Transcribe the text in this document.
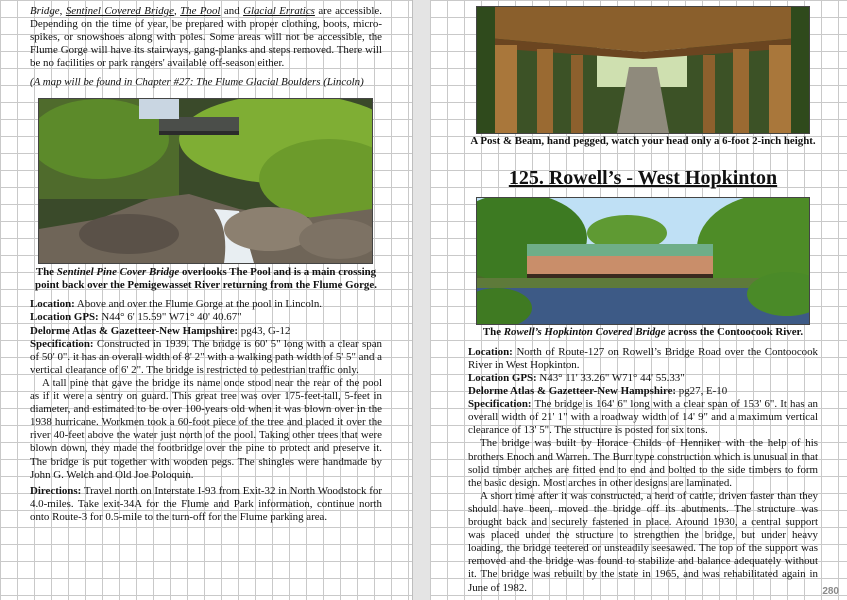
Bridge, Sentinel Covered Bridge, The Pool and Glacial Erratics are accessible. Depending on the time of year, be prepared with proper clothing, boots, micro-spikes, or snowshoes along with poles. Some areas will not be accessible, the Flume Gorge will have its stairways, gang-planks and steps removed. There will be no facilities or park rangers' available off-season either.

(A map will be found in Chapter #27: The Flume Glacial Boulders (Lincoln)

The Sentinel Pine Cover Bridge overlooks The Pool and is a main crossing point back over the Pemigewasset River returning from the Flume Gorge.

Location: Above and over the Flume Gorge at the pool in Lincoln.

Location GPS: N44° 6' 15.59" W71° 40' 40.67"

Delorme Atlas & Gazetteer-New Hampshire: pg43, G-12

Specification: Constructed in 1939. The bridge is 60' 5" long with a clear span of 50' 0". it has an overall width of 8' 2" with a walking path width of 5' 5" and a vertical clearance of 6' 2". The bridge is restricted to pedestrian traffic only.

A tall pine that gave the bridge its name once stood near the rear of the pool as if it were a sentry on guard. This great tree was over 175-feet-tall, 5-feet in diameter, and estimated to be over 100-years old when it was blown over in the 1938 hurricane. Workmen took a 60-foot piece of the tree and placed it over the river 40-feet above the water just north of the pool. Taking other trees that were blown down, they made the footbridge over the pine to protect and preserve it. The bridge is put together with wooden pegs. The shingles were handmade by John G. Welch and Old Joe Poloquin.

Directions: Travel north on Interstate I-93 from Exit-32 in North Woodstock for 4.0-miles. Take exit-34A for the Flume and Park information, continue north onto Route-3 for 0.5-mile to the turn-off for the Flume parking area.

A Post & Beam, hand pegged, watch your head only a 6-foot 2-inch height.

125. Rowell’s - West Hopkinton

The Rowell’s Hopkinton Covered Bridge across the Contoocook River.

Location: North of Route-127 on Rowell’s Bridge Road over the Contoocook River in West Hopkinton.

Location GPS: N43° 11' 33.26" W71° 44' 55.33"

Delorme Atlas & Gazetteer-New Hampshire: pg27, E-10

Specification: The bridge is 164' 6" long with a clear span of 153' 6". It has an overall width of 21' 1" with a roadway width of 14' 9" and a maximum vertical clearance of 13' 5". The structure is posted for six tons.

The bridge was built by Horace Childs of Henniker with the help of his brothers Enoch and Warren. The Burr type construction which is unusual in that solid timber arches are fitted end to end and bolted to the side timbers to form the basic design. Most arches in other designs are laminated.

A short time after it was constructed, a herd of cattle, driven faster than they should have been, moved the bridge off its abutments. The structure was brought back and securely fastened in place. Around 1930, a central support was placed under the structure to strengthen the bridge, but under heavy loading, the bridge teetered or unsteadily seesawed. The top of the support was removed and the bridge was found to stabilize and balance adequately without it. The bridge was rebuilt by the state in 1965, and was rehabilitated again in June of 1982.	280
